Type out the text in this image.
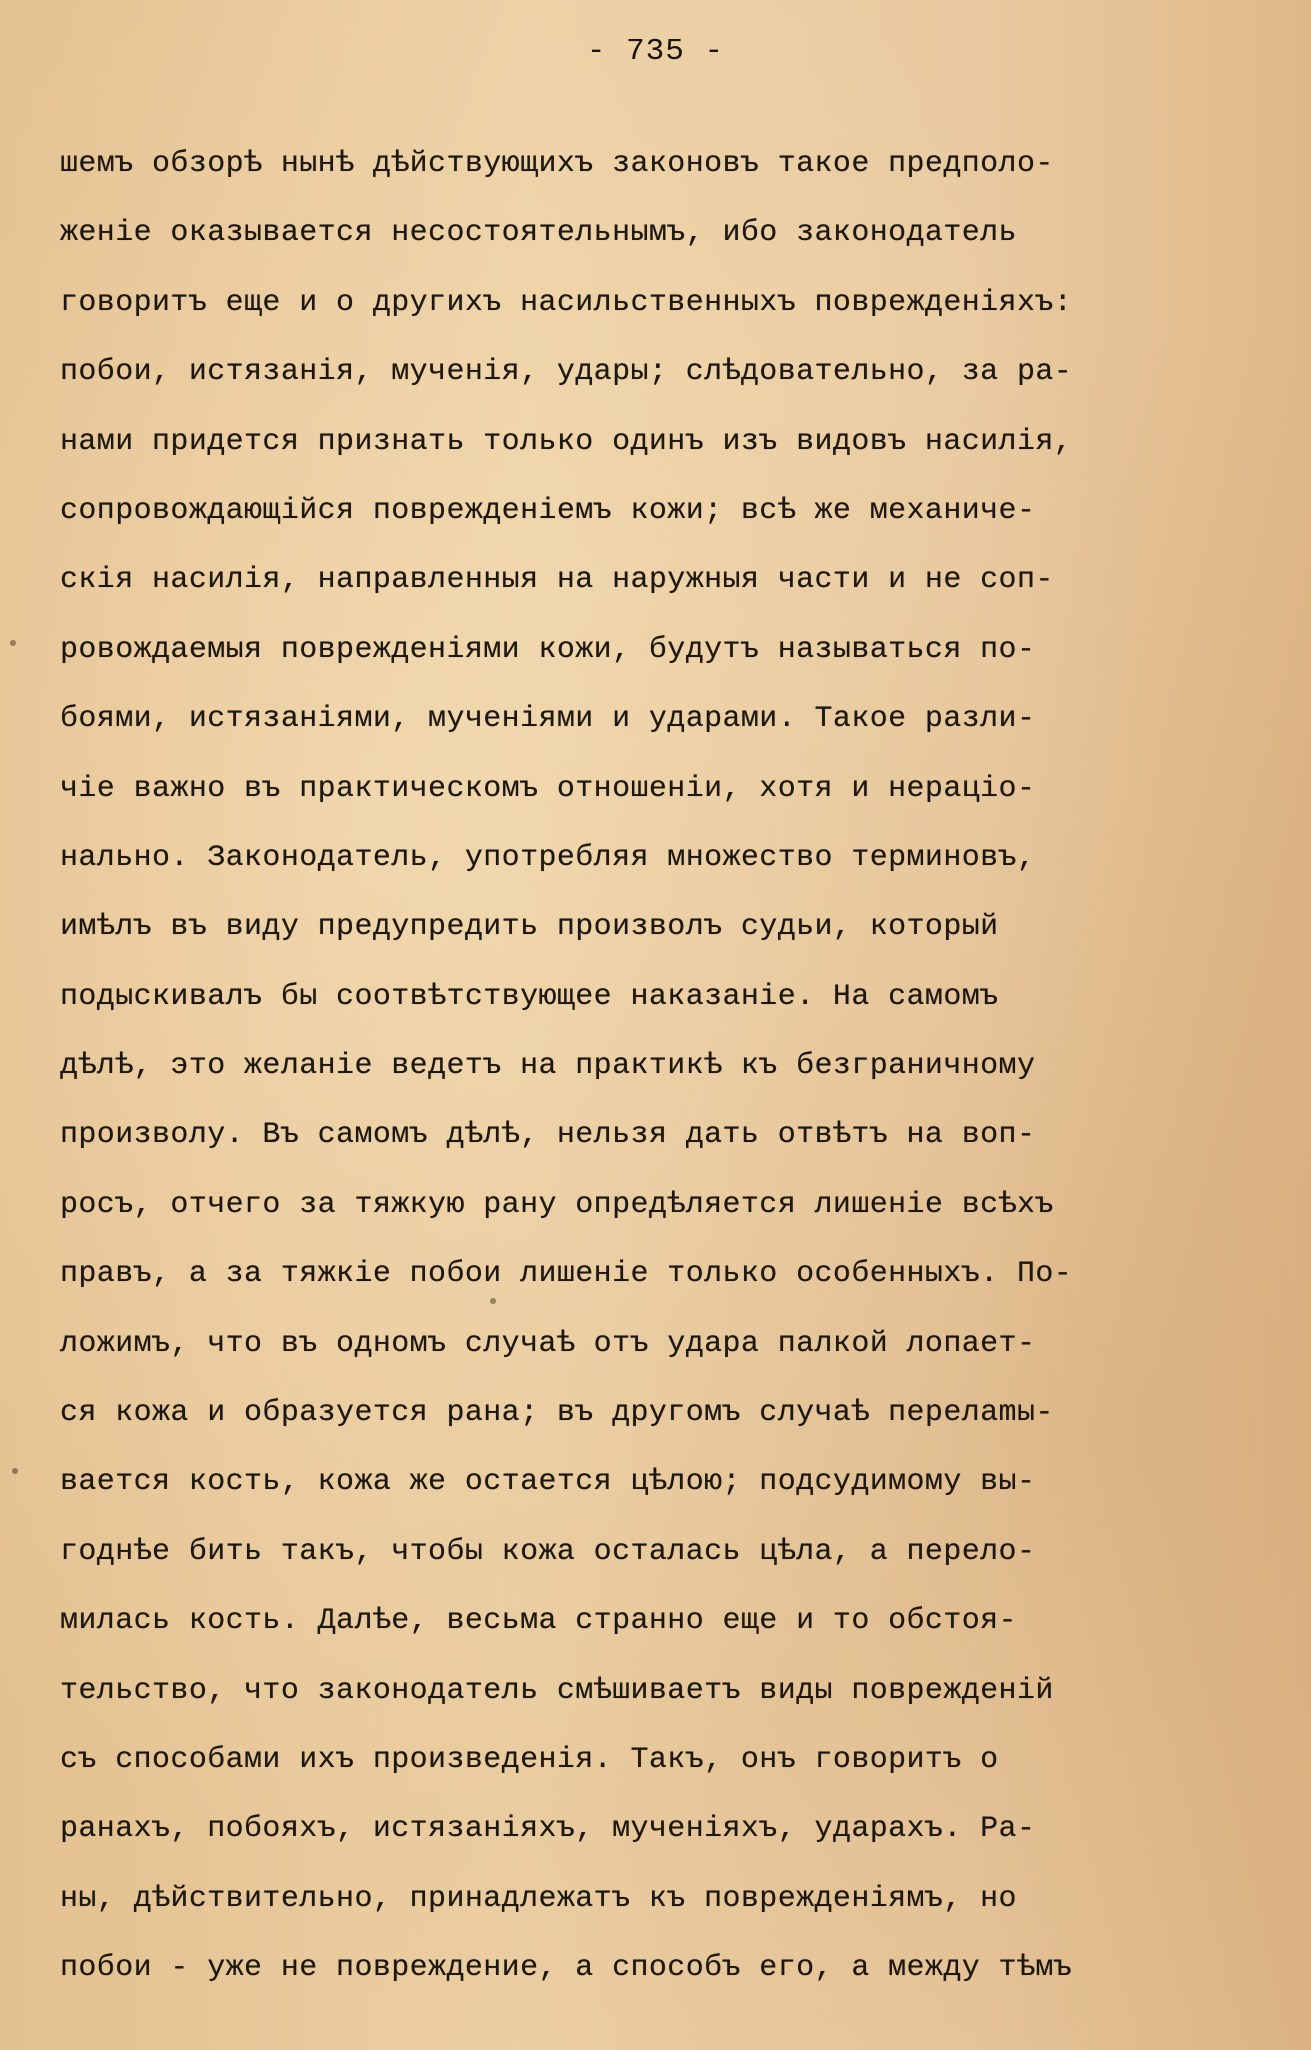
- 735 -
шемъ обзорѣ нынѣ дѣйствующихъ законовъ такое предполо-
женіе оказывается несостоятельнымъ, ибо законодатель
говоритъ еще и о другихъ насильственныхъ повреждeніяхъ:
побои, истязанія, мученія, удары; слѣдовательно, за ра-
нами придется признать только одинъ изъ видовъ насилія,
сопровождающійся поврежденіемъ кожи; всѣ же механиче-
скія насилія, направленныя на наружныя части и не соп-
ровождаемыя поврежденіями кожи, будутъ называться по-
боями, истязаніями, мученіями и ударами. Такое разли-
чіе важно въ практическомъ отношеніи, хотя и нераціо-
нально. Законодатель, употребляя множество терминовъ,
имѣлъ въ виду предупредить произволъ судьи, который
подыскивалъ бы соотвѣтствующее наказаніе. На самомъ
дѣлѣ, это желаніе ведетъ на практикѣ къ безграничному
произволу. Въ самомъ дѣлѣ, нельзя дать отвѣтъ на воп-
росъ, отчего за тяжкую рану опредѣляется лишеніе всѣхъ
правъ, а за тяжкіе побои лишеніе только особенныхъ. По-
ложимъ, что въ одномъ случаѣ отъ удара палкой лопает-
ся кожа и образуется рана; въ другомъ случаѣ перелamы-
вается кость, кожа же остается цѣлою; подсудимому вы-
годнѣе бить такъ, чтобы кожа осталась цѣла, а перело-
милась кость. Далѣе, весьма странно еще и то обстоя-
тельство, что законодатель смѣшиваетъ виды поврежденій
съ способами ихъ произведенія. Такъ, онъ говоритъ о
ранахъ, побояхъ, истязаніяхъ, мученіяхъ, ударахъ. Ра-
ны, дѣйствительно, принадлежатъ къ поврежденіямъ, но
побои - уже не повреждение, а способъ его, а между тѣмъ
